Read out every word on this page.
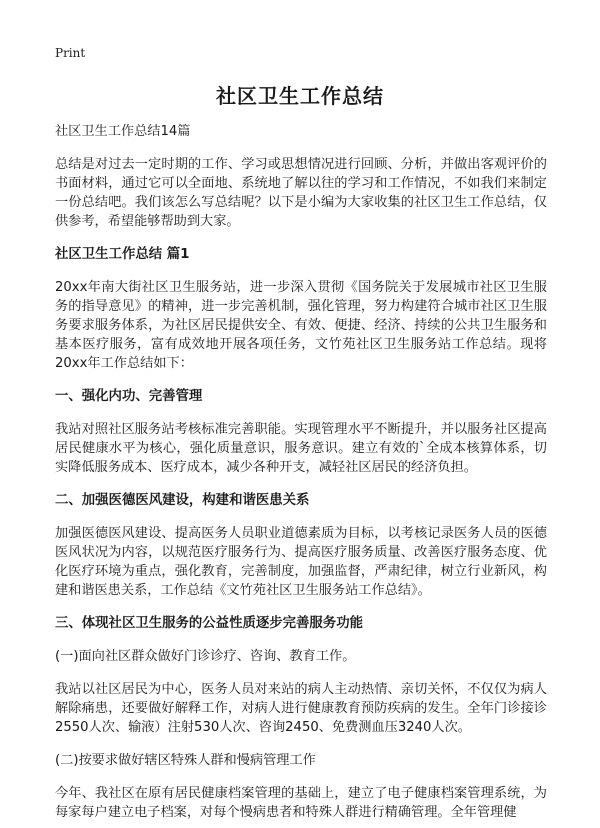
Print
社区卫生工作总结

社区卫生工作总结14篇

总结是对过去一定时期的工作、学习或思想情况进行回顾、分析，并做出客观评价的书面材料，通过它可以全面地、系统地了解以往的学习和工作情况，不如我们来制定一份总结吧。我们该怎么写总结呢？以下是小编为大家收集的社区卫生工作总结，仅供参考，希望能够帮助到大家。

社区卫生工作总结 篇1

20xx年南大街社区卫生服务站，进一步深入贯彻《国务院关于发展城市社区卫生服务的指导意见》的精神，进一步完善机制，强化管理，努力构建符合城市社区卫生服务要求服务体系，为社区居民提供安全、有效、便捷、经济、持续的公共卫生服务和基本医疗服务，富有成效地开展各项任务，文竹苑社区卫生服务站工作总结。现将20xx年工作总结如下：

一、强化内功、完善管理

我站对照社区服务站考核标准完善职能。实现管理水平不断提升，并以服务社区提高居民健康水平为核心，强化质量意识，服务意识。建立有效的`全成本核算体系，切实降低服务成本、医疗成本，减少各种开支，减轻社区居民的经济负担。

二、加强医德医风建设，构建和谐医患关系

加强医德医风建设、提高医务人员职业道德素质为目标，以考核记录医务人员的医德医风状况为内容，以规范医疗服务行为、提高医疗服务质量、改善医疗服务态度、优化医疗环境为重点，强化教育，完善制度，加强监督，严肃纪律，树立行业新风，构建和谐医患关系，工作总结《文竹苑社区卫生服务站工作总结》。

三、体现社区卫生服务的公益性质逐步完善服务功能

(一)面向社区群众做好门诊诊疗、咨询、教育工作。

我站以社区居民为中心，医务人员对来站的病人主动热情、亲切关怀，不仅仅为病人解除痛患，还要做好解释工作，对病人进行健康教育预防疾病的发生。全年门诊接诊2550人次、输液）注射530人次、咨询2450、免费测血压3240人次。

(二)按要求做好辖区特殊人群和慢病管理工作

今年、我社区在原有居民健康档案管理的基础上，建立了电子健康档案管理系统，为每家每户建立电子档案，对每个慢病患者和特殊人群进行精确管理。全年管理健
